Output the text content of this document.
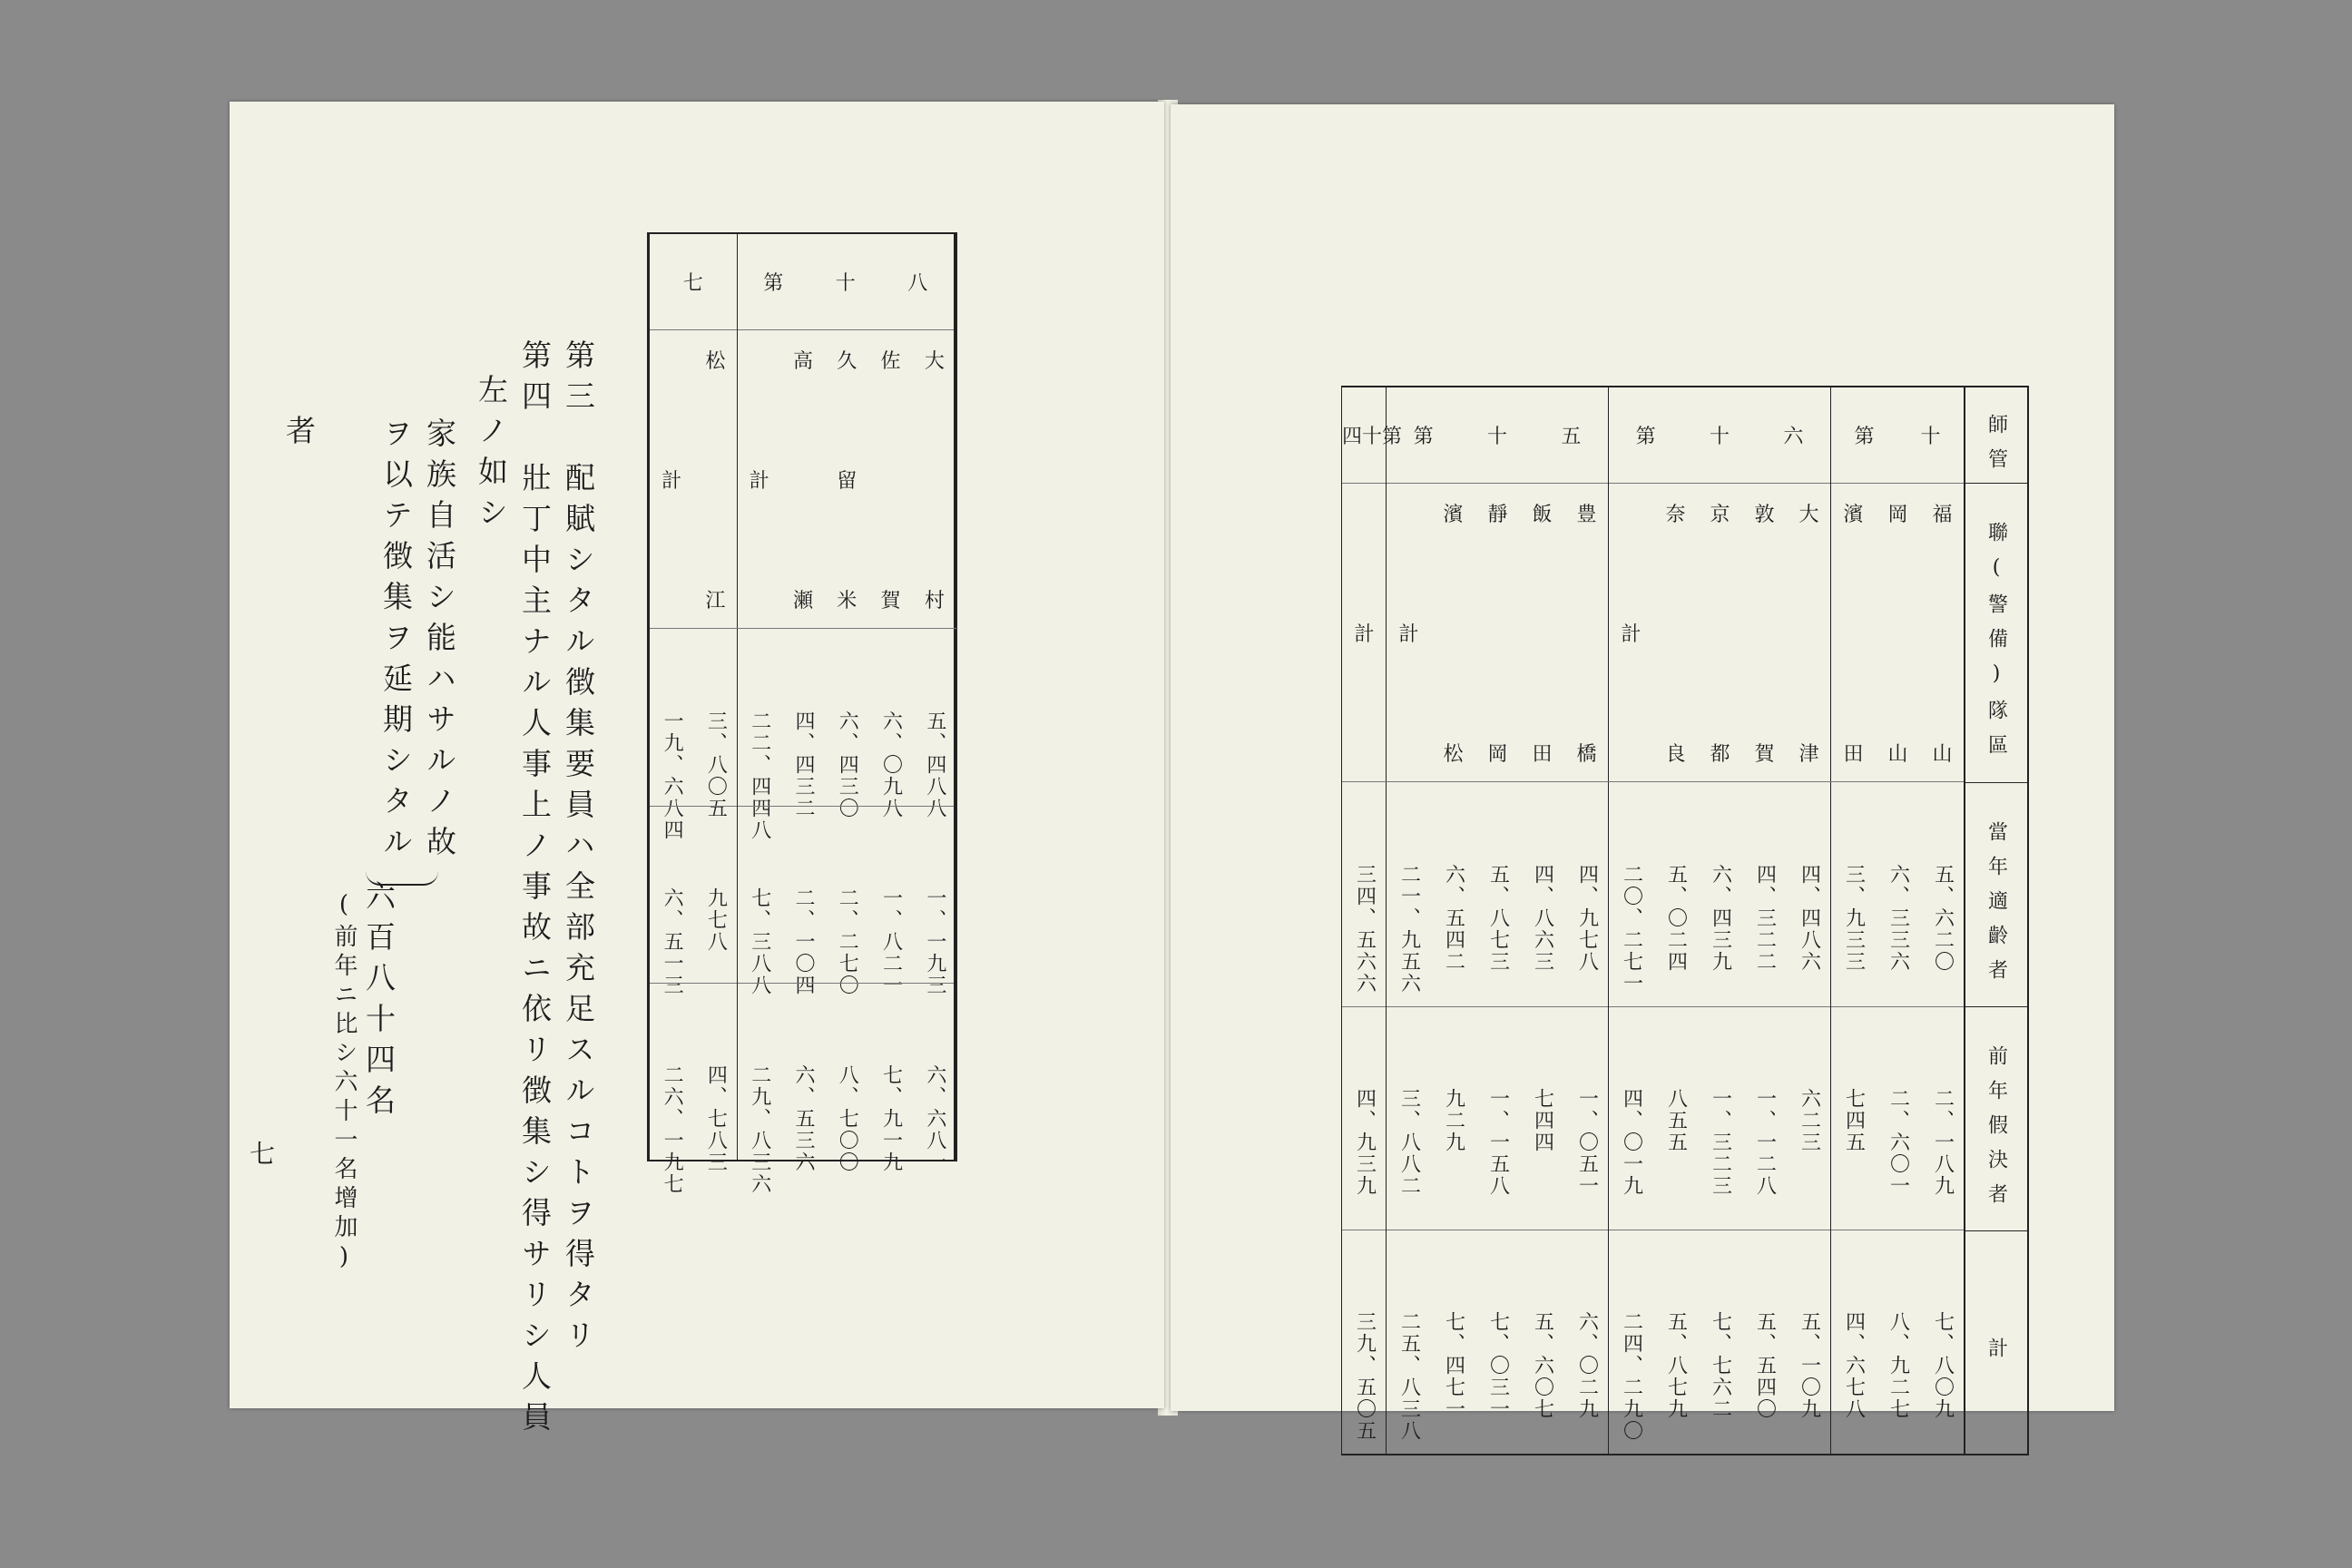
八
十
第
大

村
五、四八八
一、一九三
六、六八一
佐

賀
六、〇九八
一、八二一
七、九一九
久
留
米
六、四三〇
二、二七〇
八、七〇〇
高

瀬
四、四三二
二、一〇四
六、五三六

計

二二、四四八
七、三八八
二九、八三六
七
松

江
三、八〇五
九七八
四、七八三

計

一九、六八四
六、五一三
二六、一九七
第三　配賦シタル徴集要員ハ全部充足スルコトヲ得タリ
第四　壯丁中主ナル人事上ノ事故ニ依リ徴集シ得サリシ人員
左ノ如シ
家族自活シ能ハサルノ故
ヲ以テ徴集ヲ延期シタル
者
六百八十四名
(前年ニ比シ六十一名增加)
七
十
第
福

山
五、六二〇
二、一八九
七、八〇九
岡

山
六、三三六
二、六〇一
八、九二七
濱

田
三、九三三
七四五
四、六七八
六
十
第
大

津
四、四八六
六二三
五、一〇九
敦

賀
四、三二二
一、一二八
五、五四〇
京

都
六、四三九
一、三二三
七、七六二
奈

良
五、〇二四
八五五
五、八七九

計

二〇、二七一
四、〇一九
二四、二九〇
五
十
第
豊

橋
四、九七八
一、〇五一
六、〇二九
飯

田
四、八六三
七四四
五、六〇七
靜

岡
五、八七三
一、一五八
七、〇三一
濱

松
六、五四二
九二九
七、四七一

計

二一、九五六
三、八八二
二五、八三八
第
十
四

計

三四、五六六
四、九三九
三九、五〇五
師管
聯(警備)隊區
當年適齡者
前年假決者
計
